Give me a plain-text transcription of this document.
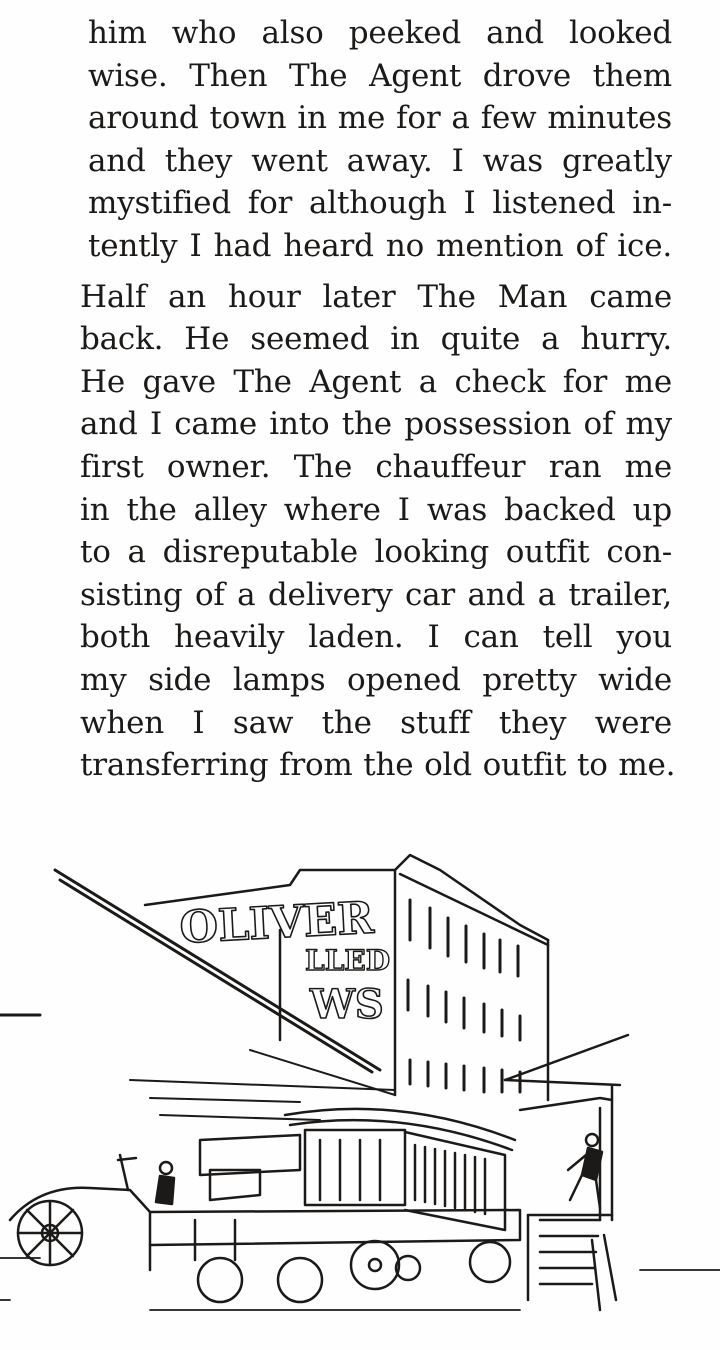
him who also peeked and looked
wise. Then The Agent drove them
around town in me for a few minutes
and they went away. I was greatly
mystified for although I listened in-
tently I had heard no mention of ice.

Half an hour later The Man came
back. He seemed in quite a hurry.
He gave The Agent a check for me
and I came into the possession of my
first owner. The chauffeur ran me
in the alley where I was backed up
to a disreputable looking outfit con-
sisting of a delivery car and a trailer,
both heavily laden. I can tell you
my side lamps opened pretty wide
when I saw the stuff they were
transferring from the old outfit to me.

OLIVER
LLED
WS
